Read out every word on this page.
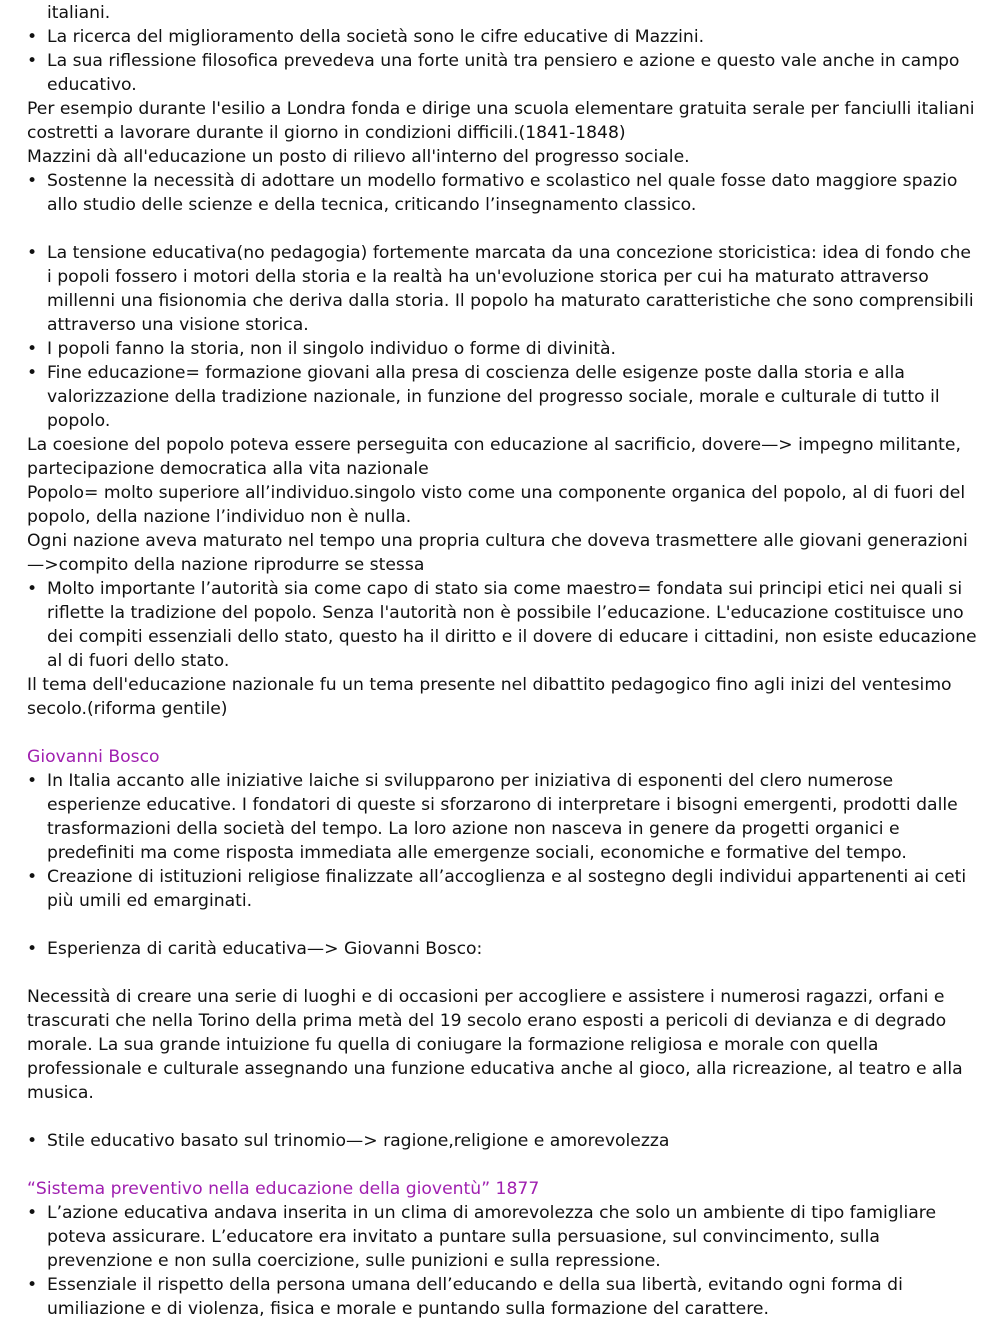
italiani.
• La ricerca del miglioramento della società sono le cifre educative di Mazzini.
• La sua riflessione filosofica prevedeva una forte unità tra pensiero e azione e questo vale anche in campo educativo.
Per esempio durante l'esilio a Londra fonda e dirige una scuola elementare gratuita serale per fanciulli italiani costretti a lavorare durante il giorno in condizioni difficili.(1841-1848)
Mazzini dà all'educazione un posto di rilievo all'interno del progresso sociale.
• Sostenne la necessità di adottare un modello formativo e scolastico nel quale fosse dato maggiore spazio allo studio delle scienze e della tecnica, criticando l’insegnamento classico.
• La tensione educativa(no pedagogia) fortemente marcata da una concezione storicistica: idea di fondo che i popoli fossero i motori della storia e la realtà ha un'evoluzione storica per cui ha maturato attraverso millenni una fisionomia che deriva dalla storia. Il popolo ha maturato caratteristiche che sono comprensibili attraverso una visione storica.
• I popoli fanno la storia, non il singolo individuo o forme di divinità.
• Fine educazione= formazione giovani alla presa di coscienza delle esigenze poste dalla storia e alla valorizzazione della tradizione nazionale, in funzione del progresso sociale, morale e culturale di tutto il popolo.
La coesione del popolo poteva essere perseguita con educazione al sacrificio, dovere—> impegno militante, partecipazione democratica alla vita nazionale
Popolo= molto superiore all’individuo.singolo visto come una componente organica del popolo, al di fuori del popolo, della nazione l’individuo non è nulla.
Ogni nazione aveva maturato nel tempo una propria cultura che doveva trasmettere alle giovani generazioni—>compito della nazione riprodurre se stessa
• Molto importante l’autorità sia come capo di stato sia come maestro= fondata sui principi etici nei quali si riflette la tradizione del popolo. Senza l'autorità non è possibile l’educazione. L'educazione costituisce uno dei compiti essenziali dello stato, questo ha il diritto e il dovere di educare i cittadini, non esiste educazione al di fuori dello stato.
Il tema dell'educazione nazionale fu un tema presente nel dibattito pedagogico fino agli inizi del ventesimo secolo.(riforma gentile)
Giovanni Bosco
• In Italia accanto alle iniziative laiche si svilupparono per iniziativa di esponenti del clero numerose esperienze educative. I fondatori di queste si sforzarono di interpretare i bisogni emergenti, prodotti dalle trasformazioni della società del tempo. La loro azione non nasceva in genere da progetti organici e predefiniti ma come risposta immediata alle emergenze sociali, economiche e formative del tempo.
• Creazione di istituzioni religiose finalizzate all’accoglienza e al sostegno degli individui appartenenti ai ceti più umili ed emarginati.
• Esperienza di carità educativa—> Giovanni Bosco:
Necessità di creare una serie di luoghi e di occasioni per accogliere e assistere i numerosi ragazzi, orfani e trascurati che nella Torino della prima metà del 19 secolo erano esposti a pericoli di devianza e di degrado morale. La sua grande intuizione fu quella di coniugare la formazione religiosa e morale con quella professionale e culturale assegnando una funzione educativa anche al gioco, alla ricreazione, al teatro e alla musica.
• Stile educativo basato sul trinomio—> ragione,religione e amorevolezza
“Sistema preventivo nella educazione della gioventù” 1877
• L’azione educativa andava inserita in un clima di amorevolezza che solo un ambiente di tipo famigliare poteva assicurare. L’educatore era invitato a puntare sulla persuasione, sul convincimento, sulla prevenzione e non sulla coercizione, sulle punizioni e sulla repressione.
• Essenziale il rispetto della persona umana dell’educando e della sua libertà, evitando ogni forma di umiliazione e di violenza, fisica e morale e puntando sulla formazione del carattere.
